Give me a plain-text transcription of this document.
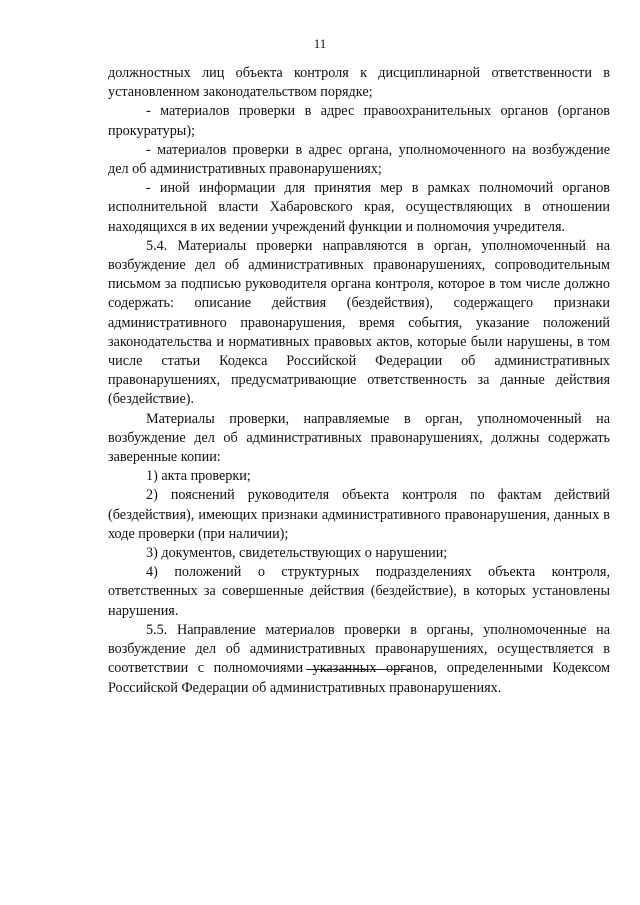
11

должностных лиц объекта контроля к дисциплинарной ответственности в установленном законодательством порядке;

- материалов проверки в адрес правоохранительных органов (органов прокуратуры);

- материалов проверки в адрес органа, уполномоченного на возбуждение дел об административных правонарушениях;

- иной информации для принятия мер в рамках полномочий органов исполнительной власти Хабаровского края, осуществляющих в отношении находящихся в их ведении учреждений функции и полномочия учредителя.

5.4. Материалы проверки направляются в орган, уполномоченный на возбуждение дел об административных правонарушениях, сопроводительным письмом за подписью руководителя органа контроля, которое в том числе должно содержать: описание действия (бездействия), содержащего признаки административного правонарушения, время события, указание положений законодательства и нормативных правовых актов, которые были нарушены, в том числе статьи Кодекса Российской Федерации об административных правонарушениях, предусматривающие ответственность за данные действия (бездействие).

Материалы проверки, направляемые в орган, уполномоченный на возбуждение дел об административных правонарушениях, должны содержать заверенные копии:

1) акта проверки;

2) пояснений руководителя объекта контроля по фактам действий (бездействия), имеющих признаки административного правонарушения, данных в ходе проверки (при наличии);

3) документов, свидетельствующих о нарушении;

4) положений о структурных подразделениях объекта контроля, ответственных за совершенные действия (бездействие), в которых установлены нарушения.

5.5. Направление материалов проверки в органы, уполномоченные на возбуждение дел об административных правонарушениях, осуществляется в соответствии с полномочиями указанных органов, определенными Кодексом Российской Федерации об административных правонарушениях.
